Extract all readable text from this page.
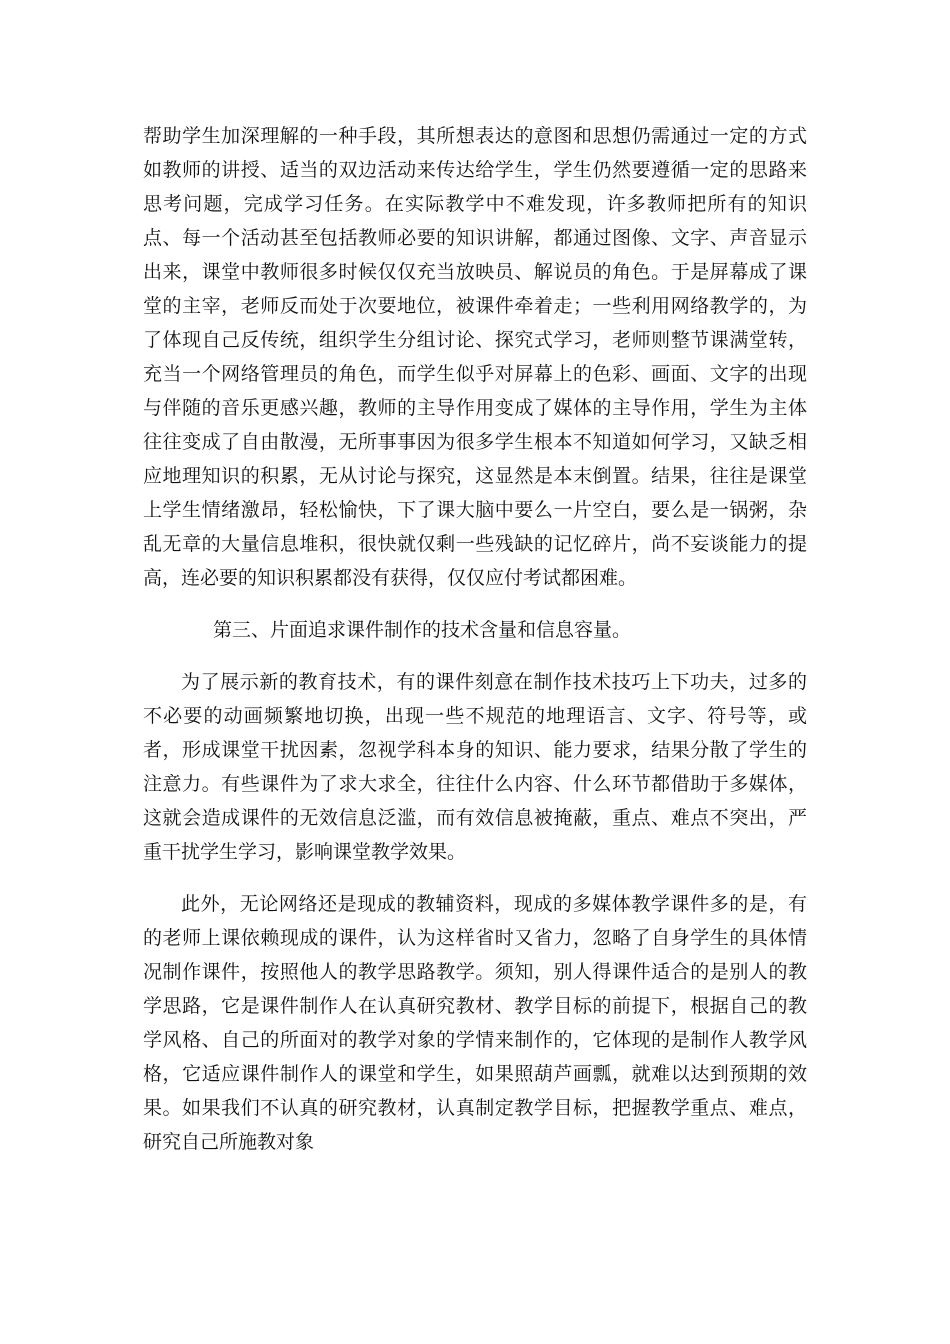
帮助学生加深理解的一种手段，其所想表达的意图和思想仍需通过一定的方式如教师的讲授、适当的双边活动来传达给学生，学生仍然要遵循一定的思路来思考问题，完成学习任务。在实际教学中不难发现，许多教师把所有的知识点、每一个活动甚至包括教师必要的知识讲解，都通过图像、文字、声音显示出来，课堂中教师很多时候仅仅充当放映员、解说员的角色。于是屏幕成了课堂的主宰，老师反而处于次要地位，被课件牵着走；一些利用网络教学的，为了体现自己反传统，组织学生分组讨论、探究式学习，老师则整节课满堂转，充当一个网络管理员的角色，而学生似乎对屏幕上的色彩、画面、文字的出现与伴随的音乐更感兴趣，教师的主导作用变成了媒体的主导作用，学生为主体往往变成了自由散漫，无所事事因为很多学生根本不知道如何学习，又缺乏相应地理知识的积累，无从讨论与探究，这显然是本末倒置。结果，往往是课堂上学生情绪激昂，轻松愉快，下了课大脑中要么一片空白，要么是一锅粥，杂乱无章的大量信息堆积，很快就仅剩一些残缺的记忆碎片，尚不妄谈能力的提高，连必要的知识积累都没有获得，仅仅应付考试都困难。

第三、片面追求课件制作的技术含量和信息容量。

为了展示新的教育技术，有的课件刻意在制作技术技巧上下功夫，过多的不必要的动画频繁地切换，出现一些不规范的地理语言、文字、符号等，或者，形成课堂干扰因素，忽视学科本身的知识、能力要求，结果分散了学生的注意力。有些课件为了求大求全，往往什么内容、什么环节都借助于多媒体，这就会造成课件的无效信息泛滥，而有效信息被掩蔽，重点、难点不突出，严重干扰学生学习，影响课堂教学效果。

此外，无论网络还是现成的教辅资料，现成的多媒体教学课件多的是，有的老师上课依赖现成的课件，认为这样省时又省力，忽略了自身学生的具体情况制作课件，按照他人的教学思路教学。须知，别人得课件适合的是别人的教学思路，它是课件制作人在认真研究教材、教学目标的前提下，根据自己的教学风格、自己的所面对的教学对象的学情来制作的，它体现的是制作人教学风格，它适应课件制作人的课堂和学生，如果照葫芦画瓢，就难以达到预期的效果。如果我们不认真的研究教材，认真制定教学目标，把握教学重点、难点，研究自己所施教对象
